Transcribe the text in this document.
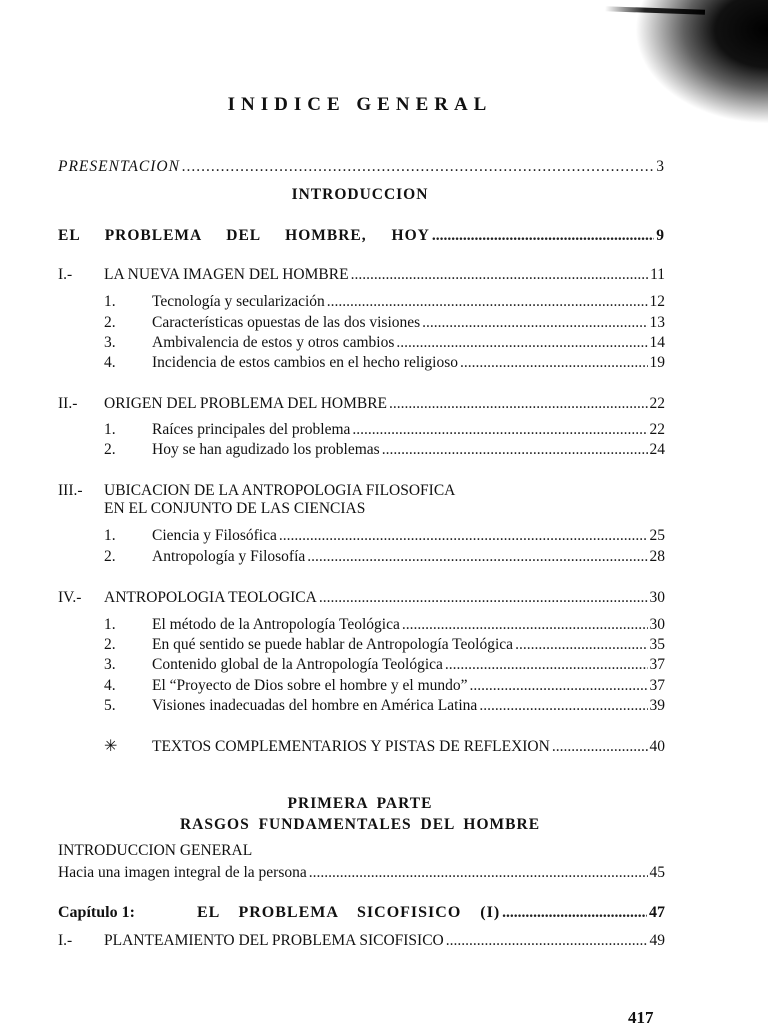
INIDICE GENERAL
PRESENTACION .....	3
INTRODUCCION
EL PROBLEMA DEL HOMBRE, HOY .....	9
I.-	LA NUEVA IMAGEN DEL HOMBRE .....	11
1.	Tecnología y secularización .....	12
2.	Características opuestas de las dos visiones .....	13
3.	Ambivalencia de estos y otros cambios .....	14
4.	Incidencia de estos cambios en el hecho religioso .....	19
II.-	ORIGEN DEL PROBLEMA DEL HOMBRE .....	22
1.	Raíces principales del problema .....	22
2.	Hoy se han agudizado los problemas .....	24
III.- UBICACION DE LA ANTROPOLOGIA FILOSOFICA
EN EL CONJUNTO DE LAS CIENCIAS
1.	Ciencia y Filosófica .....	25
2.	Antropología y Filosofía .....	28
IV.-	ANTROPOLOGIA TEOLOGICA .....	30
1.	El método de la Antropología Teológica .....	30
2.	En qué sentido se puede hablar de Antropología Teológica .....	35
3.	Contenido global de la Antropología Teológica .....	37
4.	El “Proyecto de Dios sobre el hombre y el mundo” .....	37
5.	Visiones inadecuadas del hombre en América Latina .....	39
✳	TEXTOS COMPLEMENTARIOS Y PISTAS DE REFLEXION .....	40
PRIMERA PARTE
RASGOS FUNDAMENTALES DEL HOMBRE
INTRODUCCION GENERAL
Hacia una imagen integral de la persona .....	45
Capítulo 1:	EL PROBLEMA SICOFISICO (I) .....	47
I.-	PLANTEAMIENTO DEL PROBLEMA SICOFISICO .....	49
417
